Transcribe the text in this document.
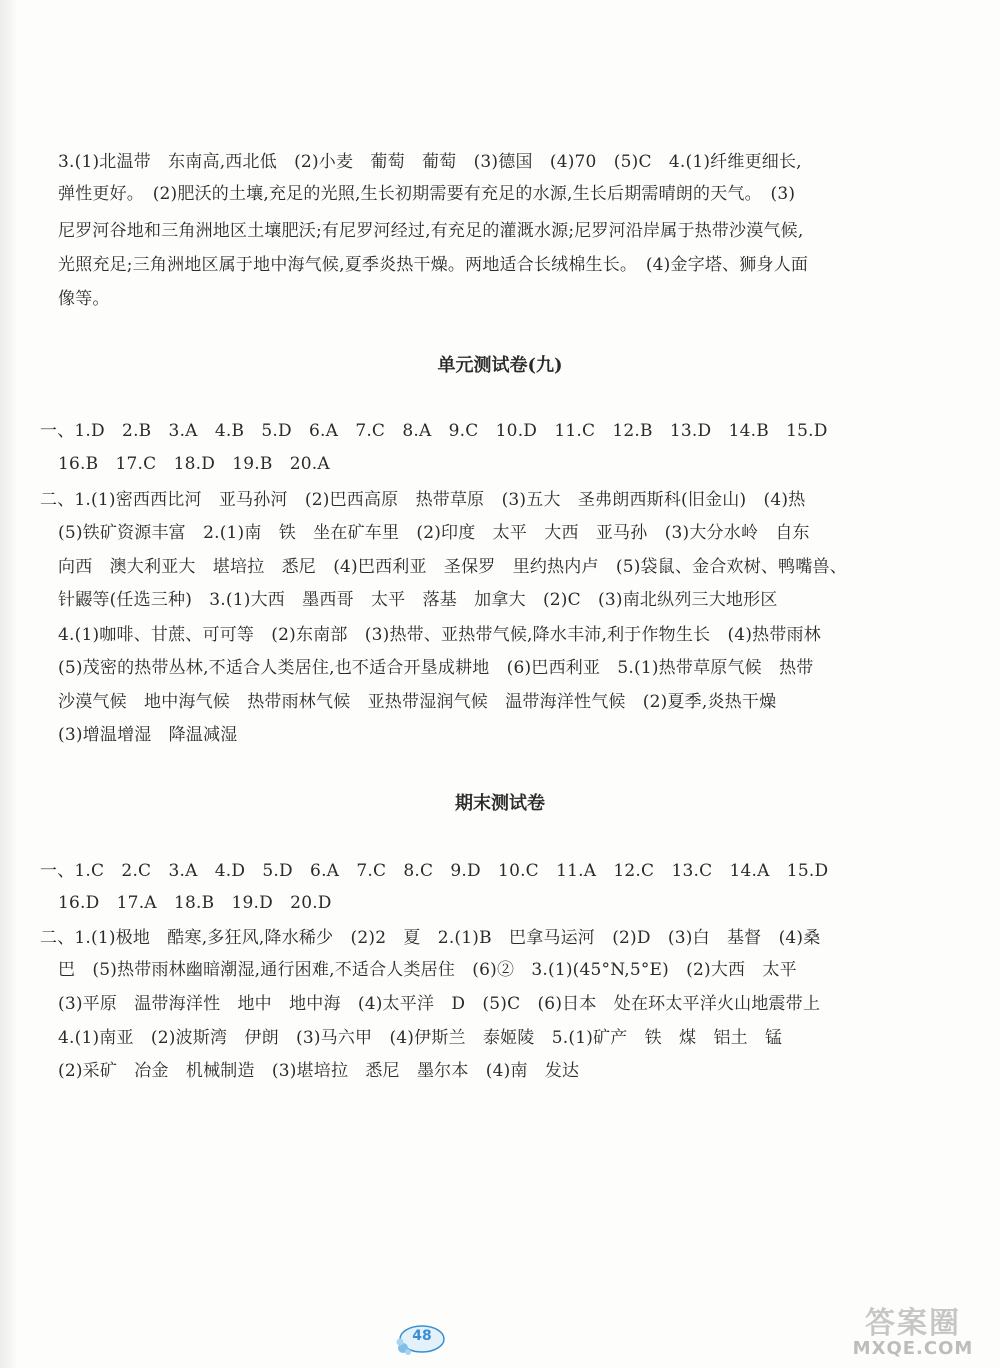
3.(1)北温带　东南高,西北低　(2)小麦　葡萄　葡萄　(3)德国　(4)70　(5)C　4.(1)纤维更细长,
弹性更好。　(2)肥沃的土壤,充足的光照,生长初期需要有充足的水源,生长后期需晴朗的天气。　(3)
尼罗河谷地和三角洲地区土壤肥沃;有尼罗河经过,有充足的灌溉水源;尼罗河沿岸属于热带沙漠气候,
光照充足;三角洲地区属于地中海气候,夏季炎热干燥。两地适合长绒棉生长。　(4)金字塔、狮身人面
像等。
单元测试卷(九)
一、1.D　2.B　3.A　4.B　5.D　6.A　7.C　8.A　9.C　10.D　11.C　12.B　13.D　14.B　15.D
16.B　17.C　18.D　19.B　20.A
二、1.(1)密西西比河　亚马孙河　(2)巴西高原　热带草原　(3)五大　圣弗朗西斯科(旧金山)　(4)热
(5)铁矿资源丰富　2.(1)南　铁　坐在矿车里　(2)印度　太平　大西　亚马孙　(3)大分水岭　自东
向西　澳大利亚大　堪培拉　悉尼　(4)巴西利亚　圣保罗　里约热内卢　(5)袋鼠、金合欢树、鸭嘴兽、
针鼹等(任选三种)　3.(1)大西　墨西哥　太平　落基　加拿大　(2)C　(3)南北纵列三大地形区
4.(1)咖啡、甘蔗、可可等　(2)东南部　(3)热带、亚热带气候,降水丰沛,利于作物生长　(4)热带雨林
(5)茂密的热带丛林,不适合人类居住,也不适合开垦成耕地　(6)巴西利亚　5.(1)热带草原气候　热带
沙漠气候　地中海气候　热带雨林气候　亚热带湿润气候　温带海洋性气候　(2)夏季,炎热干燥
(3)增温增湿　降温减湿
期末测试卷
一、1.C　2.C　3.A　4.D　5.D　6.A　7.C　8.C　9.D　10.C　11.A　12.C　13.C　14.A　15.D
16.D　17.A　18.B　19.D　20.D
二、1.(1)极地　酷寒,多狂风,降水稀少　(2)2　夏　2.(1)B　巴拿马运河　(2)D　(3)白　基督　(4)桑
巴　(5)热带雨林幽暗潮湿,通行困难,不适合人类居住　(6)②　3.(1)(45°N,5°E)　(2)大西　太平
(3)平原　温带海洋性　地中　地中海　(4)太平洋　D　(5)C　(6)日本　处在环太平洋火山地震带上
4.(1)南亚　(2)波斯湾　伊朗　(3)马六甲　(4)伊斯兰　泰姬陵　5.(1)矿产　铁　煤　铝土　锰
(2)采矿　冶金　机械制造　(3)堪培拉　悉尼　墨尔本　(4)南　发达
48	答案圈
MXQE.COM
